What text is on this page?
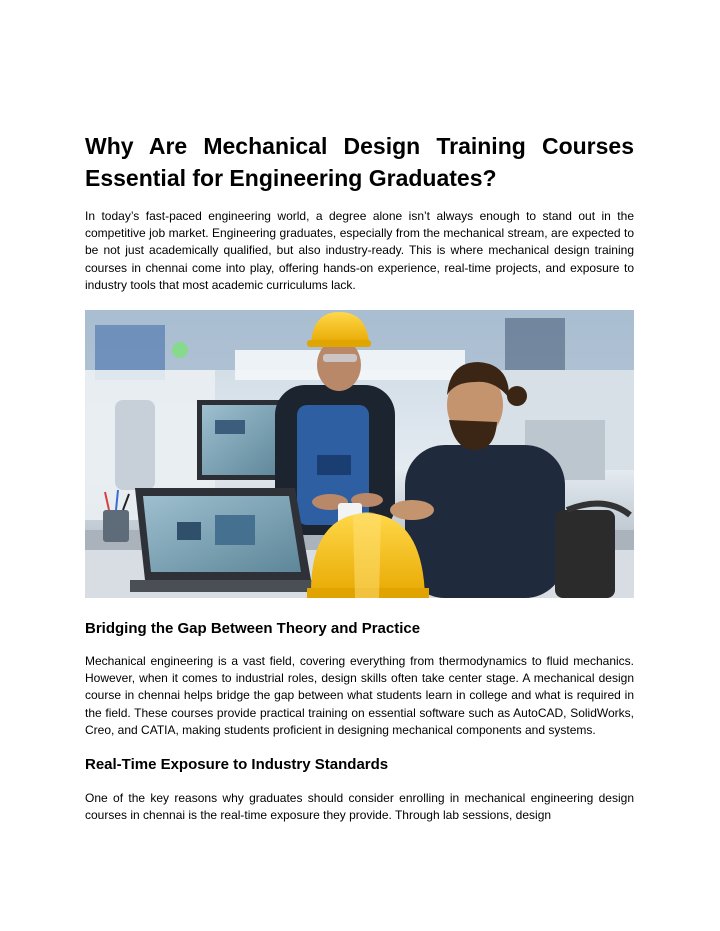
Why Are Mechanical Design Training Courses Essential for Engineering Graduates?

In today’s fast-paced engineering world, a degree alone isn’t always enough to stand out in the competitive job market. Engineering graduates, especially from the mechanical stream, are expected to be not just academically qualified, but also industry-ready. This is where mechanical design training courses in chennai come into play, offering hands-on experience, real-time projects, and exposure to industry tools that most academic curriculums lack.

Bridging the Gap Between Theory and Practice

Mechanical engineering is a vast field, covering everything from thermodynamics to fluid mechanics. However, when it comes to industrial roles, design skills often take center stage. A mechanical design course in chennai helps bridge the gap between what students learn in college and what is required in the field. These courses provide practical training on essential software such as AutoCAD, SolidWorks, Creo, and CATIA, making students proficient in designing mechanical components and systems.

Real-Time Exposure to Industry Standards

One of the key reasons why graduates should consider enrolling in mechanical engineering design courses in chennai is the real-time exposure they provide. Through lab sessions, design
